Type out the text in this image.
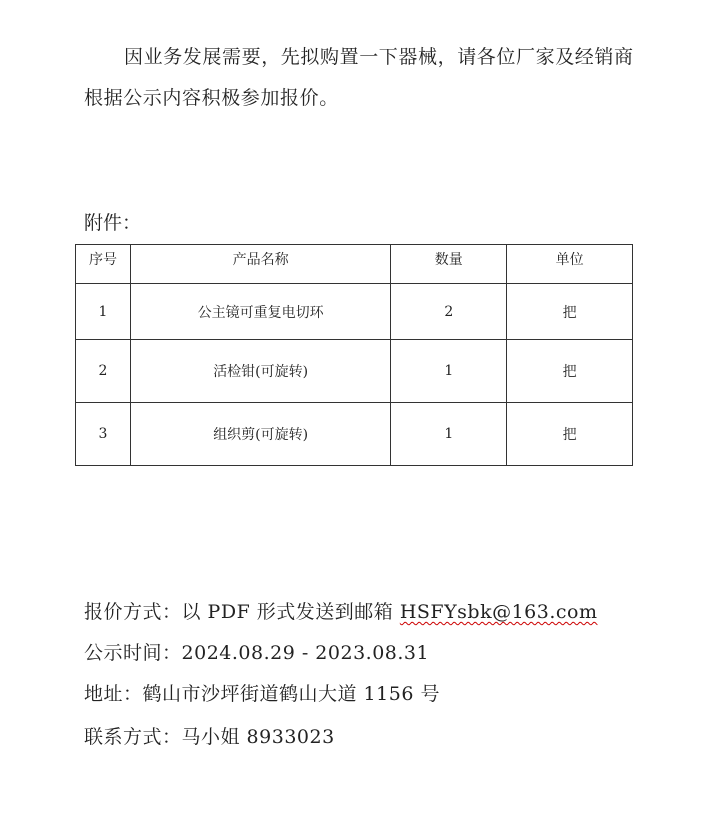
因业务发展需要，先拟购置一下器械，请各位厂家及经销商根据公示内容积极参加报价。
附件：
序号	产品名称	数量	单位
1	公主镜可重复电切环	2	把
2	活检钳(可旋转)	1	把
3	组织剪(可旋转)	1	把
报价方式：以 PDF 形式发送到邮箱 HSFYsbk@163.com
公示时间：2024.08.29 - 2023.08.31
地址：鹤山市沙坪街道鹤山大道 1156 号
联系方式：马小姐 8933023
